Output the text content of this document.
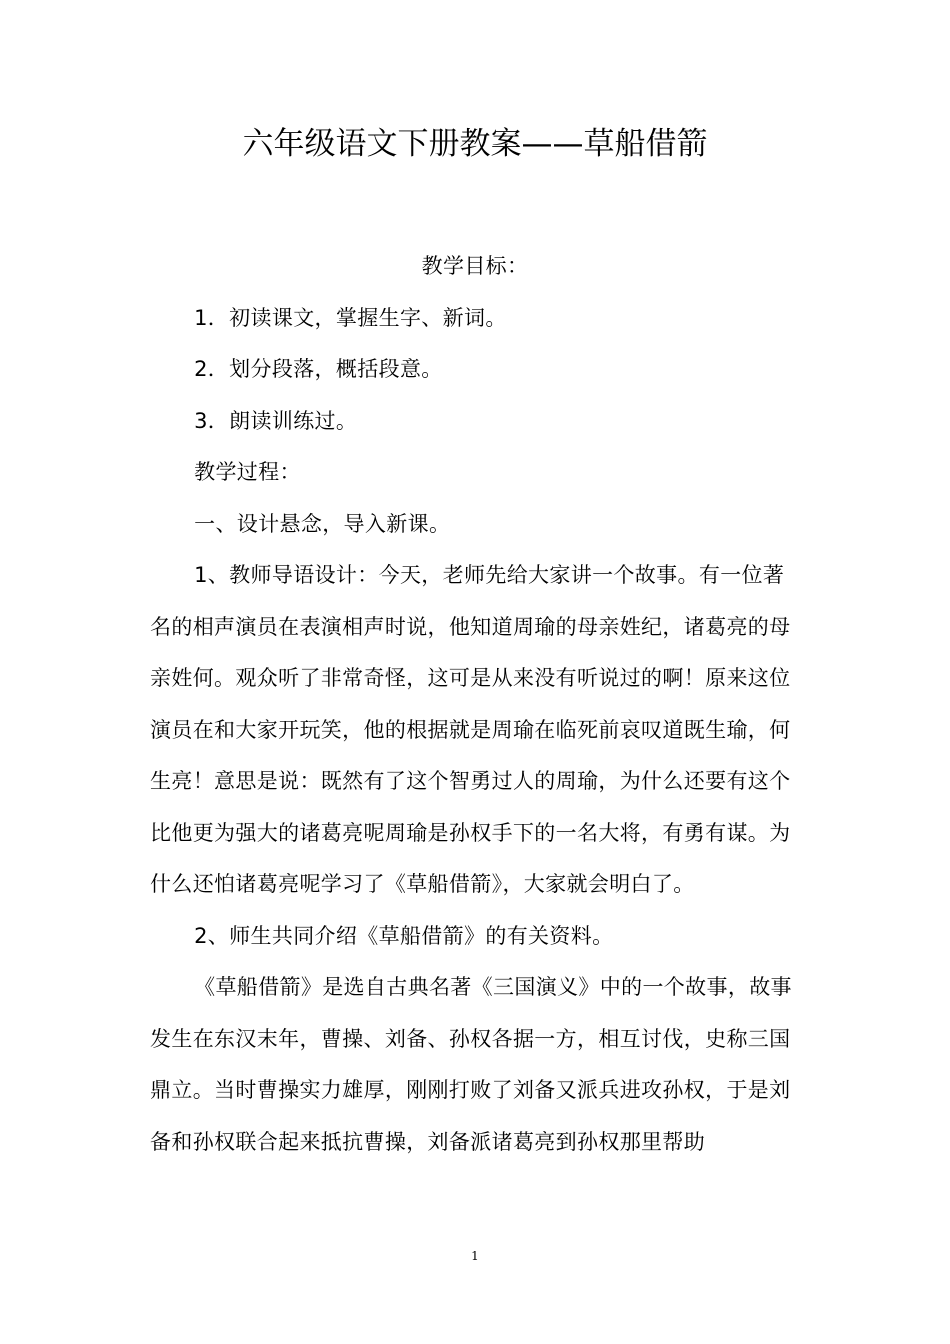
六年级语文下册教案——草船借箭

教学目标：

1．初读课文，掌握生字、新词。

2．划分段落，概括段意。

3．朗读训练过。

教学过程：

一、设计悬念，导入新课。

1、教师导语设计：今天，老师先给大家讲一个故事。有一位著名的相声演员在表演相声时说，他知道周瑜的母亲姓纪，诸葛亮的母亲姓何。观众听了非常奇怪，这可是从来没有听说过的啊！原来这位演员在和大家开玩笑，他的根据就是周瑜在临死前哀叹道既生瑜，何生亮！意思是说：既然有了这个智勇过人的周瑜，为什么还要有这个比他更为强大的诸葛亮呢周瑜是孙权手下的一名大将，有勇有谋。为什么还怕诸葛亮呢学习了《草船借箭》，大家就会明白了。

2、师生共同介绍《草船借箭》的有关资料。

《草船借箭》是选自古典名著《三国演义》中的一个故事，故事发生在东汉末年，曹操、刘备、孙权各据一方，相互讨伐，史称三国鼎立。当时曹操实力雄厚，刚刚打败了刘备又派兵进攻孙权，于是刘备和孙权联合起来抵抗曹操，刘备派诸葛亮到孙权那里帮助

1
